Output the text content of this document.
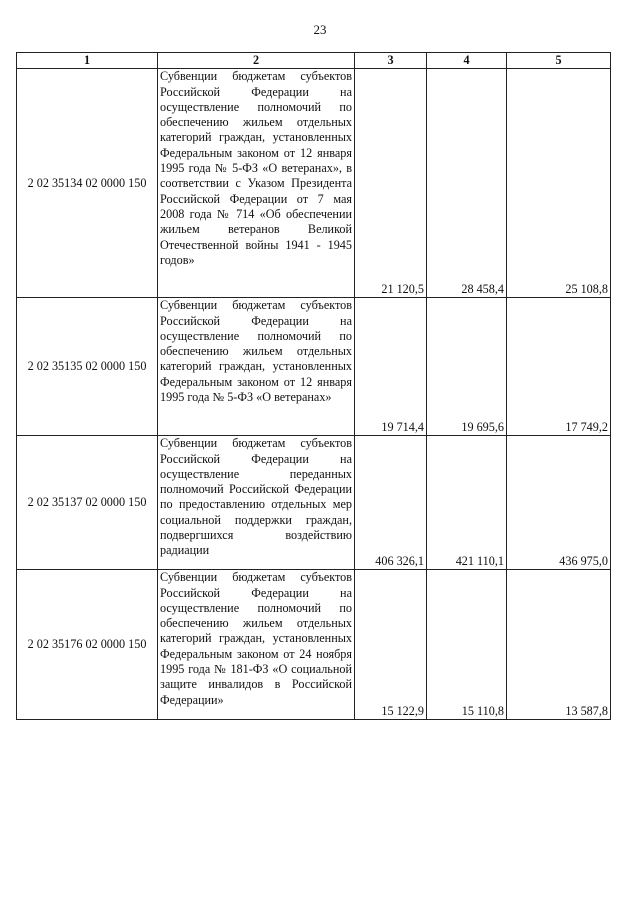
23
1	2	3	4	5
2 02 35134 02 0000 150	Субвенции бюджетам субъектов Российской Федерации на осуществление полномочий по обеспечению жильем отдельных категорий граждан, установленных Федеральным законом от 12 января 1995 года № 5-ФЗ «О ветеранах», в соответствии с Указом Президента Российской Федерации от 7 мая 2008 года № 714 «Об обеспечении жильем ветеранов Великой Отечественной войны 1941 - 1945 годов»	21 120,5	28 458,4	25 108,8
2 02 35135 02 0000 150	Субвенции бюджетам субъектов Российской Федерации на осуществление полномочий по обеспечению жильем отдельных категорий граждан, установленных Федеральным законом от 12 января 1995 года № 5-ФЗ «О ветеранах»	19 714,4	19 695,6	17 749,2
2 02 35137 02 0000 150	Субвенции бюджетам субъектов Российской Федерации на осуществление переданных полномочий Российской Федерации по предоставлению отдельных мер социальной поддержки граждан, подвергшихся воздействию радиации	406 326,1	421 110,1	436 975,0
2 02 35176 02 0000 150	Субвенции бюджетам субъектов Российской Федерации на осуществление полномочий по обеспечению жильем отдельных категорий граждан, установленных Федеральным законом от 24 ноября 1995 года № 181-ФЗ «О социальной защите инвалидов в Российской Федерации»	15 122,9	15 110,8	13 587,8
